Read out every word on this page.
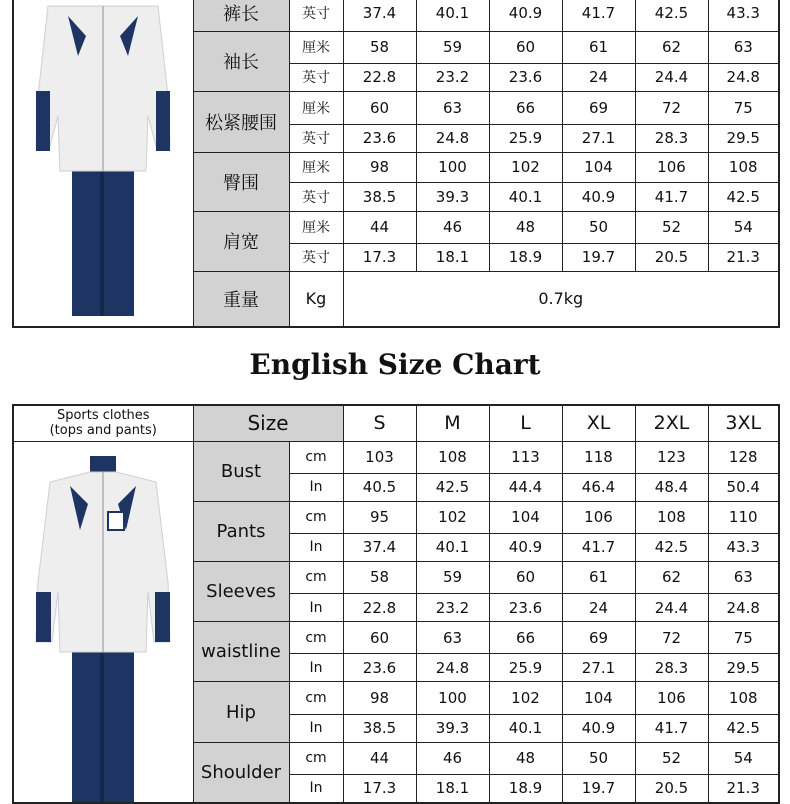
	裤长	英寸	37.4	40.1	40.9	41.7	42.5	43.3
	袖长	厘米	58	59	60	61	62	63
		英寸	22.8	23.2	23.6	24	24.4	24.8
	松紧腰围	厘米	60	63	66	69	72	75
		英寸	23.6	24.8	25.9	27.1	28.3	29.5
	臀围	厘米	98	100	102	104	106	108
		英寸	38.5	39.3	40.1	40.9	41.7	42.5
	肩宽	厘米	44	46	48	50	52	54
		英寸	17.3	18.1	18.9	19.7	20.5	21.3
	重量	Kg	0.7kg					
English Size Chart
Sports clothes
(tops and pants)	Size		S	M	L	XL	2XL	3XL

	Bust	cm	103	108	113	118	123	128
		In	40.5	42.5	44.4	46.4	48.4	50.4
	Pants	cm	95	102	104	106	108	110
		In	37.4	40.1	40.9	41.7	42.5	43.3
	Sleeves	cm	58	59	60	61	62	63
		In	22.8	23.2	23.6	24	24.4	24.8
	waistline	cm	60	63	66	69	72	75
		In	23.6	24.8	25.9	27.1	28.3	29.5
	Hip	cm	98	100	102	104	106	108
		In	38.5	39.3	40.1	40.9	41.7	42.5
	Shoulder	cm	44	46	48	50	52	54
		In	17.3	18.1	18.9	19.7	20.5	21.3
